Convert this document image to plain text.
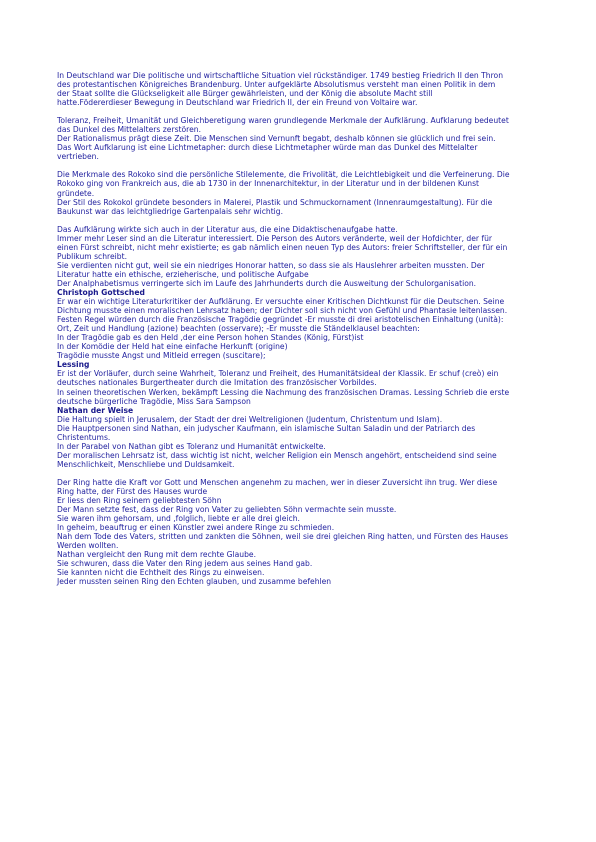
In Deutschland war Die politische und wirtschaftliche Situation viel rückständiger. 1749 bestieg Friedrich II den Thron
des protestantischen Königreiches Brandenburg. Unter aufgeklärte Absolutismus versteht man einen Politik in dem
der Staat sollte die Glückseligkeit alle Bürger gewährleisten, und der König die absolute Macht still
hatte.Födererdieser Bewegung in Deutschland war Friedrich II, der ein Freund von Voltaire war.
Toleranz, Freiheit, Umanität und Gleichberetigung waren grundlegende Merkmale der Aufklärung. Aufklarung bedeutet
das Dunkel des Mittelalters zerstören.
Der Rationalismus prägt diese Zeit. Die Menschen sind Vernunft begabt, deshalb können sie glücklich und frei sein.
Das Wort Aufklarung ist eine Lichtmetapher: durch diese Lichtmetapher würde man das Dunkel des Mittelalter
vertrieben.
Die Merkmale des Rokoko sind die persönliche Stilelemente, die Frivolität, die Leichtlebigkeit und die Verfeinerung. Die
Rokoko ging von Frankreich aus, die ab 1730 in der Innenarchitektur, in der Literatur und in der bildenen Kunst
gründete.
Der Stil des Rokokol gründete besonders in Malerei, Plastik und Schmuckornament (Innenraumgestaltung). Für die
Baukunst war das leichtgliedrige Gartenpalais sehr wichtig.
Das Aufklärung wirkte sich auch in der Literatur aus, die eine Didaktischenaufgabe hatte.
Immer mehr Leser sind an die Literatur interessiert. Die Person des Autors veränderte, weil der Hofdichter, der für
einen Fürst schreibt, nicht mehr existierte; es gab nämlich einen neuen Typ des Autors: freier Schriftsteller, der für ein
Publikum schreibt.
Sie verdienten nicht gut, weil sie ein niedriges Honorar hatten, so dass sie als Hauslehrer arbeiten mussten. Der
Literatur hatte ein ethische, erzieherische, und politische Aufgabe
Der Analphabetismus verringerte sich im Laufe des Jahrhunderts durch die Ausweitung der Schulorganisation.
Christoph Gottsched
Er war ein wichtige Literaturkritiker der Aufklärung. Er versuchte einer Kritischen Dichtkunst für die Deutschen. Seine
Dichtung musste einen moralischen Lehrsatz haben; der Dichter soll sich nicht von Gefühl und Phantasie leitenlassen.
Festen Regel würden durch die Französische Tragödie gegründet -Er musste di drei aristotelischen Einhaltung (unità):
Ort, Zeit und Handlung (azione) beachten (osservare); -Er musste die Ständelklausel beachten:
In der Tragödie gab es den Held ,der eine Person hohen Standes (König, Fürst)ist
In der Komödie der Held hat eine einfache Herkunft (origine)
Tragödie musste Angst und Mitleid erregen (suscitare);
Lessing
Er ist der Vorläufer, durch seine Wahrheit, Toleranz und Freiheit, des Humanitätsideal der Klassik. Er schuf (creò) ein
deutsches nationales Burgertheater durch die Imitation des französischer Vorbildes.
In seinen theoretischen Werken, bekämpft Lessing die Nachmung des französischen Dramas. Lessing Schrieb die erste
deutsche bürgerliche Tragödie, Miss Sara Sampson
Nathan der Weise
Die Haltung spielt in Jerusalem, der Stadt der drei Weltreligionen (Judentum, Christentum und Islam).
Die Hauptpersonen sind Nathan, ein judyscher Kaufmann, ein islamische Sultan Saladin und der Patriarch des
Christentums.
In der Parabel von Nathan gibt es Toleranz und Humanität entwickelte.
Der moralischen Lehrsatz ist, dass wichtig ist nicht, welcher Religion ein Mensch angehört, entscheidend sind seine
Menschlichkeit, Menschliebe und Duldsamkeit.
Der Ring hatte die Kraft vor Gott und Menschen angenehm zu machen, wer in dieser Zuversicht ihn trug. Wer diese
Ring hatte, der Fürst des Hauses wurde
Er liess den Ring seinem geliebtesten Söhn
Der Mann setzte fest, dass der Ring von Vater zu geliebten Söhn vermachte sein musste.
Sie waren ihm gehorsam, und ,folglich, liebte er alle drei gleich.
In geheim, beauftrug er einen Künstler zwei andere Ringe zu schmieden.
Nah dem Tode des Vaters, stritten und zankten die Söhnen, weil sie drei gleichen Ring hatten, und Fürsten des Hauses
Werden wollten.
Nathan vergleicht den Rung mit dem rechte Glaube.
Sie schwuren, dass die Vater den Ring jedem aus seines Hand gab.
Sie kannten nicht die Echtheit des Rings zu einweisen.
Jeder mussten seinen Ring den Echten glauben, und zusamme befehlen
